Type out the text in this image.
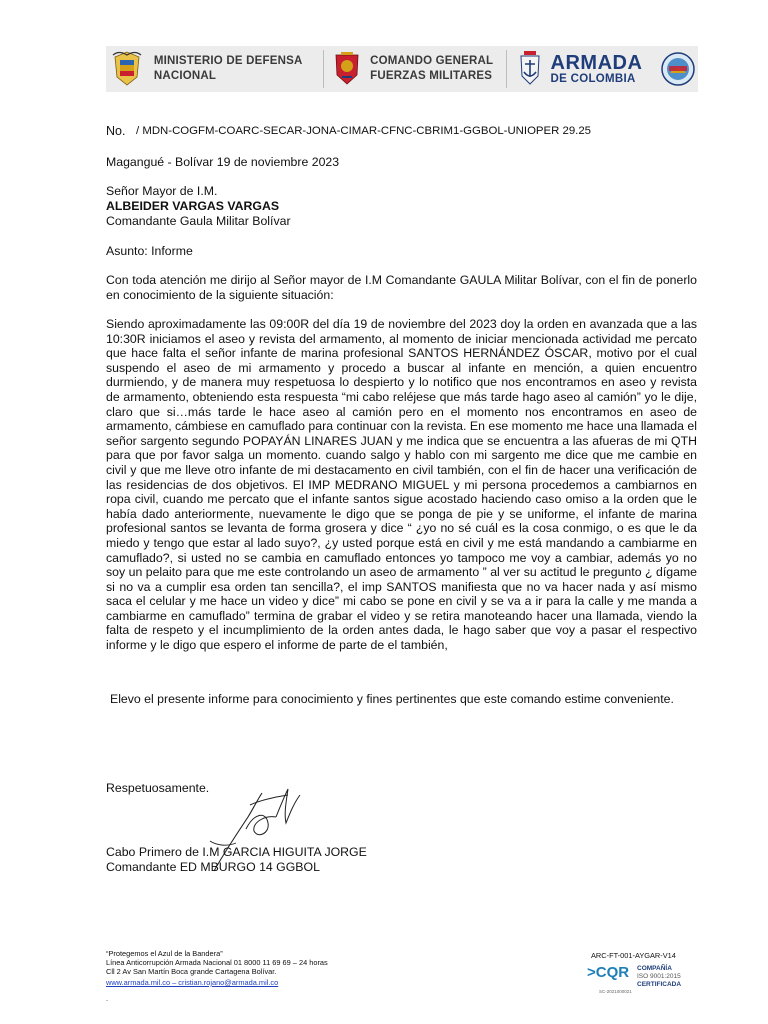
MINISTERIO DE DEFENSA NACIONAL
COMANDO GENERAL
FUERZAS MILITARES
ARMADA
DE COLOMBIA
No. / MDN-COGFM-COARC-SECAR-JONA-CIMAR-CFNC-CBRIM1-GGBOL-UNIOPER 29.25
Magangué - Bolívar 19 de noviembre 2023
Señor Mayor de I.M.
ALBEIDER VARGAS VARGAS
Comandante Gaula Militar Bolívar
Asunto: Informe
Con toda atención me dirijo al Señor mayor de I.M Comandante GAULA Militar Bolívar, con el fin de ponerlo en conocimiento de la siguiente situación:
Siendo aproximadamente las 09:00R del día 19 de noviembre del 2023 doy la orden en avanzada que a las 10:30R iniciamos el aseo y revista del armamento, al momento de iniciar mencionada actividad me percato que hace falta el señor infante de marina profesional SANTOS HERNÁNDEZ ÓSCAR, motivo por el cual suspendo el aseo de mi armamento y procedo a buscar al infante en mención, a quien encuentro durmiendo, y de manera muy respetuosa lo despierto y lo notifico que nos encontramos en aseo y revista de armamento, obteniendo esta respuesta “mi cabo reléjese que más tarde hago aseo al camión” yo le dije, claro que si…más tarde le hace aseo al camión pero en el momento nos encontramos en aseo de armamento, cámbiese en camuflado para continuar con la revista. En ese momento me hace una llamada el señor sargento segundo POPAYÁN LINARES JUAN y me indica que se encuentra a las afueras de mi QTH para que por favor salga un momento. cuando salgo y hablo con mi sargento me dice que me cambie en civil y que me lleve otro infante de mi destacamento en civil también, con el fin de hacer una verificación de las residencias de dos objetivos. El IMP MEDRANO MIGUEL y mi persona procedemos a cambiarnos en ropa civil, cuando me percato que el infante santos sigue acostado haciendo caso omiso a la orden que le había dado anteriormente, nuevamente le digo que se ponga de pie y se uniforme, el infante de marina profesional santos se levanta de forma grosera y dice “ ¿yo no sé cuál es la cosa conmigo, o es que le da miedo y tengo que estar al lado suyo?, ¿y usted porque está en civil y me está mandando a cambiarme en camuflado?, si usted no se cambia en camuflado entonces yo tampoco me voy a cambiar, además yo no soy un pelaito para que me este controlando un aseo de armamento ” al ver su actitud le pregunto ¿ dígame si no va a cumplir esa orden tan sencilla?, el imp SANTOS manifiesta que no va hacer nada y así mismo saca el celular y me hace un video y dice” mi cabo se pone en civil y se va a ir para la calle y me manda a cambiarme en camuflado” termina de grabar el video y se retira manoteando hacer una llamada, viendo la falta de respeto y el incumplimiento de la orden antes dada, le hago saber que voy a pasar el respectivo informe y le digo que espero el informe de parte de el también,
Elevo el presente informe para conocimiento y fines pertinentes que este comando estime conveniente.
Respetuosamente.
Cabo Primero de I.M GARCIA HIGUITA JORGE
Comandante ED MBURGO 14 GGBOL
“Protegemos el Azul de la Bandera”
Línea Anticorrupción Armada Nacional 01 8000 11 69 69 – 24 horas
Cll 2 Av San Martín Boca grande Cartagena Bolívar.
www.armada.mil.co – cristian.rojano@armada.mil.co
.
ARC-FT-001-AYGAR-V14
>CQR COMPAÑÍA
ISO 9001:2015
CERTIFICADA
SC-2021000021
